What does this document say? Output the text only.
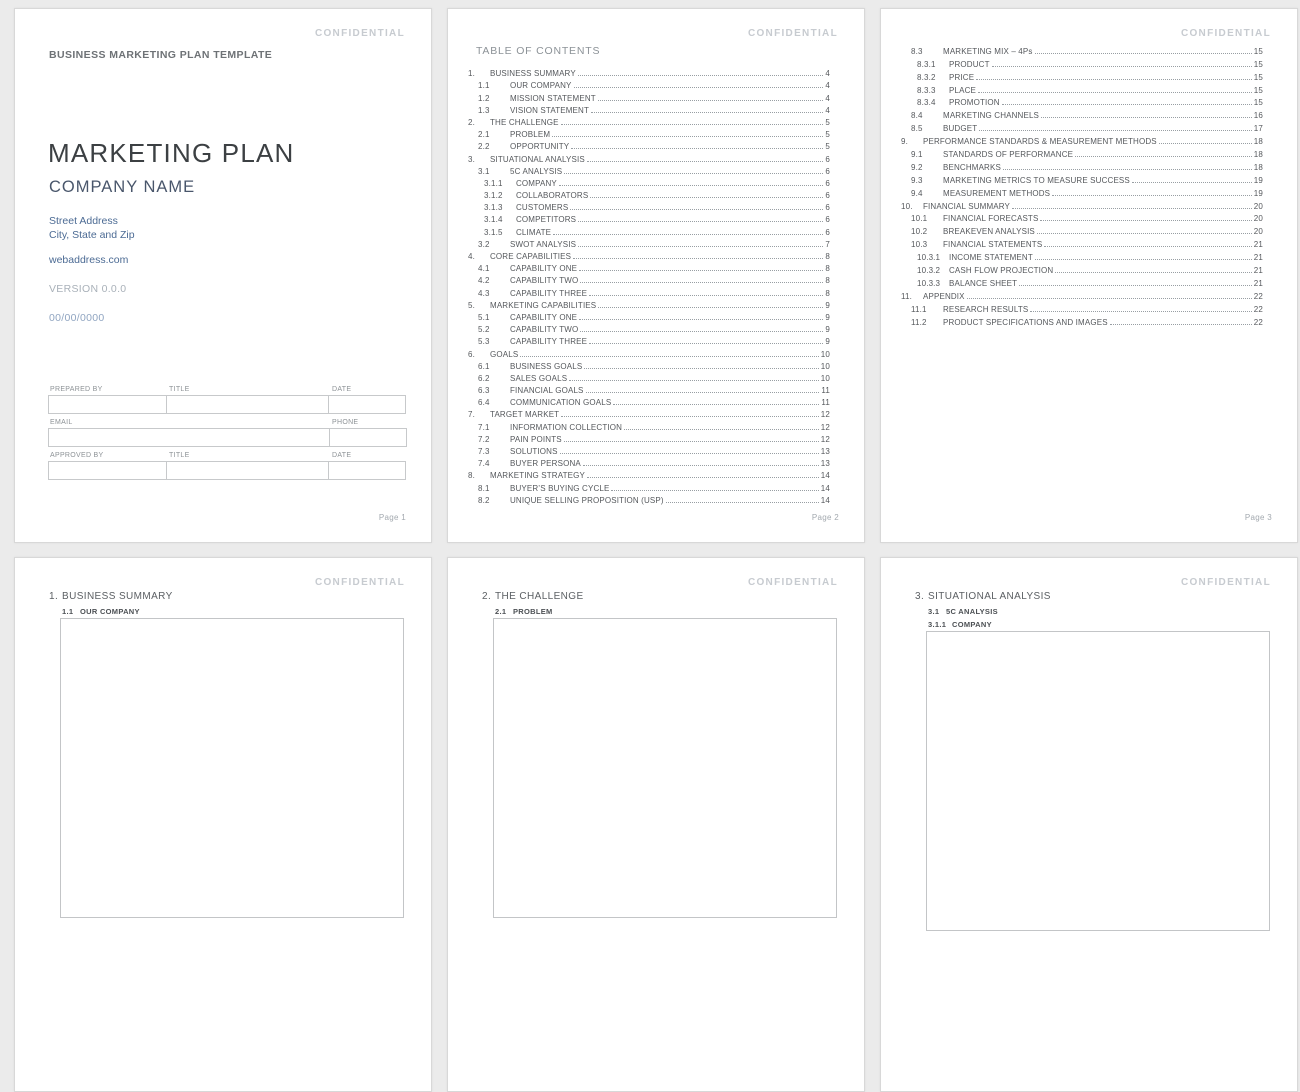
CONFIDENTIAL
BUSINESS MARKETING PLAN TEMPLATE
MARKETING PLAN
COMPANY NAME
Street Address
City, State and Zip
webaddress.com
VERSION 0.0.0
00/00/0000
PREPARED BY	TITLE	DATE
EMAIL	PHONE
APPROVED BY	TITLE	DATE
Page 1
CONFIDENTIAL
TABLE OF CONTENTS
1.	BUSINESS SUMMARY	4
1.1	OUR COMPANY	4
1.2	MISSION STATEMENT	4
1.3	VISION STATEMENT	4
2.	THE CHALLENGE	5
2.1	PROBLEM	5
2.2	OPPORTUNITY	5
3.	SITUATIONAL ANALYSIS	6
3.1	5C ANALYSIS	6
3.1.1	COMPANY	6
3.1.2	COLLABORATORS	6
3.1.3	CUSTOMERS	6
3.1.4	COMPETITORS	6
3.1.5	CLIMATE	6
3.2	SWOT ANALYSIS	7
4.	CORE CAPABILITIES	8
4.1	CAPABILITY ONE	8
4.2	CAPABILITY TWO	8
4.3	CAPABILITY THREE	8
5.	MARKETING CAPABILITIES	9
5.1	CAPABILITY ONE	9
5.2	CAPABILITY TWO	9
5.3	CAPABILITY THREE	9
6.	GOALS	10
6.1	BUSINESS GOALS	10
6.2	SALES GOALS	10
6.3	FINANCIAL GOALS	11
6.4	COMMUNICATION GOALS	11
7.	TARGET MARKET	12
7.1	INFORMATION COLLECTION	12
7.2	PAIN POINTS	12
7.3	SOLUTIONS	13
7.4	BUYER PERSONA	13
8.	MARKETING STRATEGY	14
8.1	BUYER’S BUYING CYCLE	14
8.2	UNIQUE SELLING PROPOSITION (USP)	14
Page 2
CONFIDENTIAL
8.3	MARKETING MIX – 4Ps	15
8.3.1	PRODUCT	15
8.3.2	PRICE	15
8.3.3	PLACE	15
8.3.4	PROMOTION	15
8.4	MARKETING CHANNELS	16
8.5	BUDGET	17
9.	PERFORMANCE STANDARDS & MEASUREMENT METHODS	18
9.1	STANDARDS OF PERFORMANCE	18
9.2	BENCHMARKS	18
9.3	MARKETING METRICS TO MEASURE SUCCESS	19
9.4	MEASUREMENT METHODS	19
10.	FINANCIAL SUMMARY	20
10.1	FINANCIAL FORECASTS	20
10.2	BREAKEVEN ANALYSIS	20
10.3	FINANCIAL STATEMENTS	21
10.3.1	INCOME STATEMENT	21
10.3.2	CASH FLOW PROJECTION	21
10.3.3	BALANCE SHEET	21
11.	APPENDIX	22
11.1	RESEARCH RESULTS	22
11.2	PRODUCT SPECIFICATIONS AND IMAGES	22
Page 3
CONFIDENTIAL
1. BUSINESS SUMMARY
1.1 OUR COMPANY
CONFIDENTIAL
2. THE CHALLENGE
2.1 PROBLEM
CONFIDENTIAL
3. SITUATIONAL ANALYSIS
3.1 5C ANALYSIS
3.1.1 COMPANY
